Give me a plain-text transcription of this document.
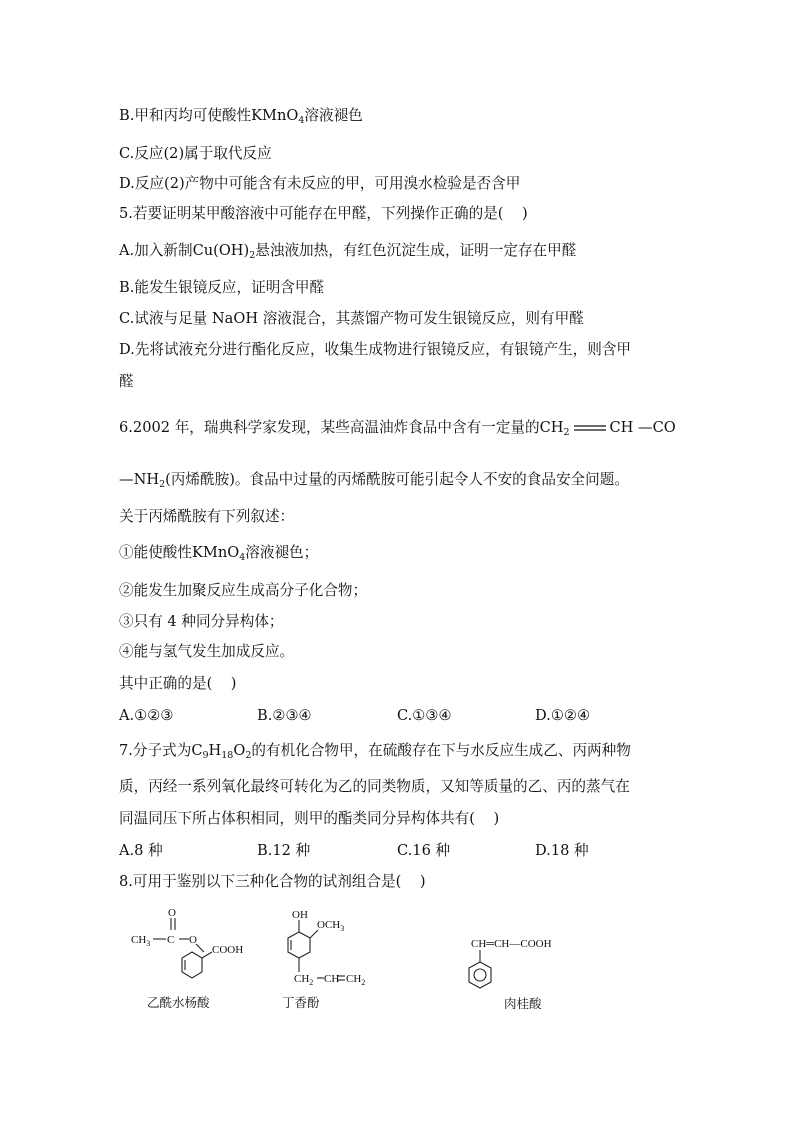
B.甲和丙均可使酸性KMnO$_4$溶液褪色
C.反应(2)属于取代反应
D.反应(2)产物中可能含有未反应的甲，可用溴水检验是否含甲
5.若要证明某甲酸溶液中可能存在甲醛，下列操作正确的是(    )
A.加入新制$Cu(OH)_2$悬浊液加热，有红色沉淀生成，证明一定存在甲醛
B.能发生银镜反应，证明含甲醛
C.试液与足量 NaOH 溶液混合，其蒸馏产物可发生银镜反应，则有甲醛
D.先将试液充分进行酯化反应，收集生成物进行银镜反应，有银镜产生，则含甲
醛
6.2002 年，瑞典科学家发现，某些高温油炸食品中含有一定量的$CH_2$	CH —CO
$—NH_2$(丙烯酰胺)。食品中过量的丙烯酰胺可能引起令人不安的食品安全问题。
关于丙烯酰胺有下列叙述：
①能使酸性KMnO$_4$溶液褪色；
②能发生加聚反应生成高分子化合物；
③只有 4 种同分异构体；
④能与氢气发生加成反应。
其中正确的是(    )
A.①②③	B.②③④	C.①③④	D.①②④
7.分子式为$C_9H_{18}O_2$的有机化合物甲，在硫酸存在下与水反应生成乙、丙两种物
质，丙经一系列氧化最终可转化为乙的同类物质，又知等质量的乙、丙的蒸气在
同温同压下所占体积相同，则甲的酯类同分异构体共有(    )
A.8 种	B.12 种	C.16 种	D.18 种
8.可用于鉴别以下三种化合物的试剂组合是(    )
O
$CH_3$ C O
COOH
OH
$OCH_3$
$CH_2$ CH $CH_2$
CH═CH—COOH
乙酰水杨酸	丁香酚	肉桂酸
